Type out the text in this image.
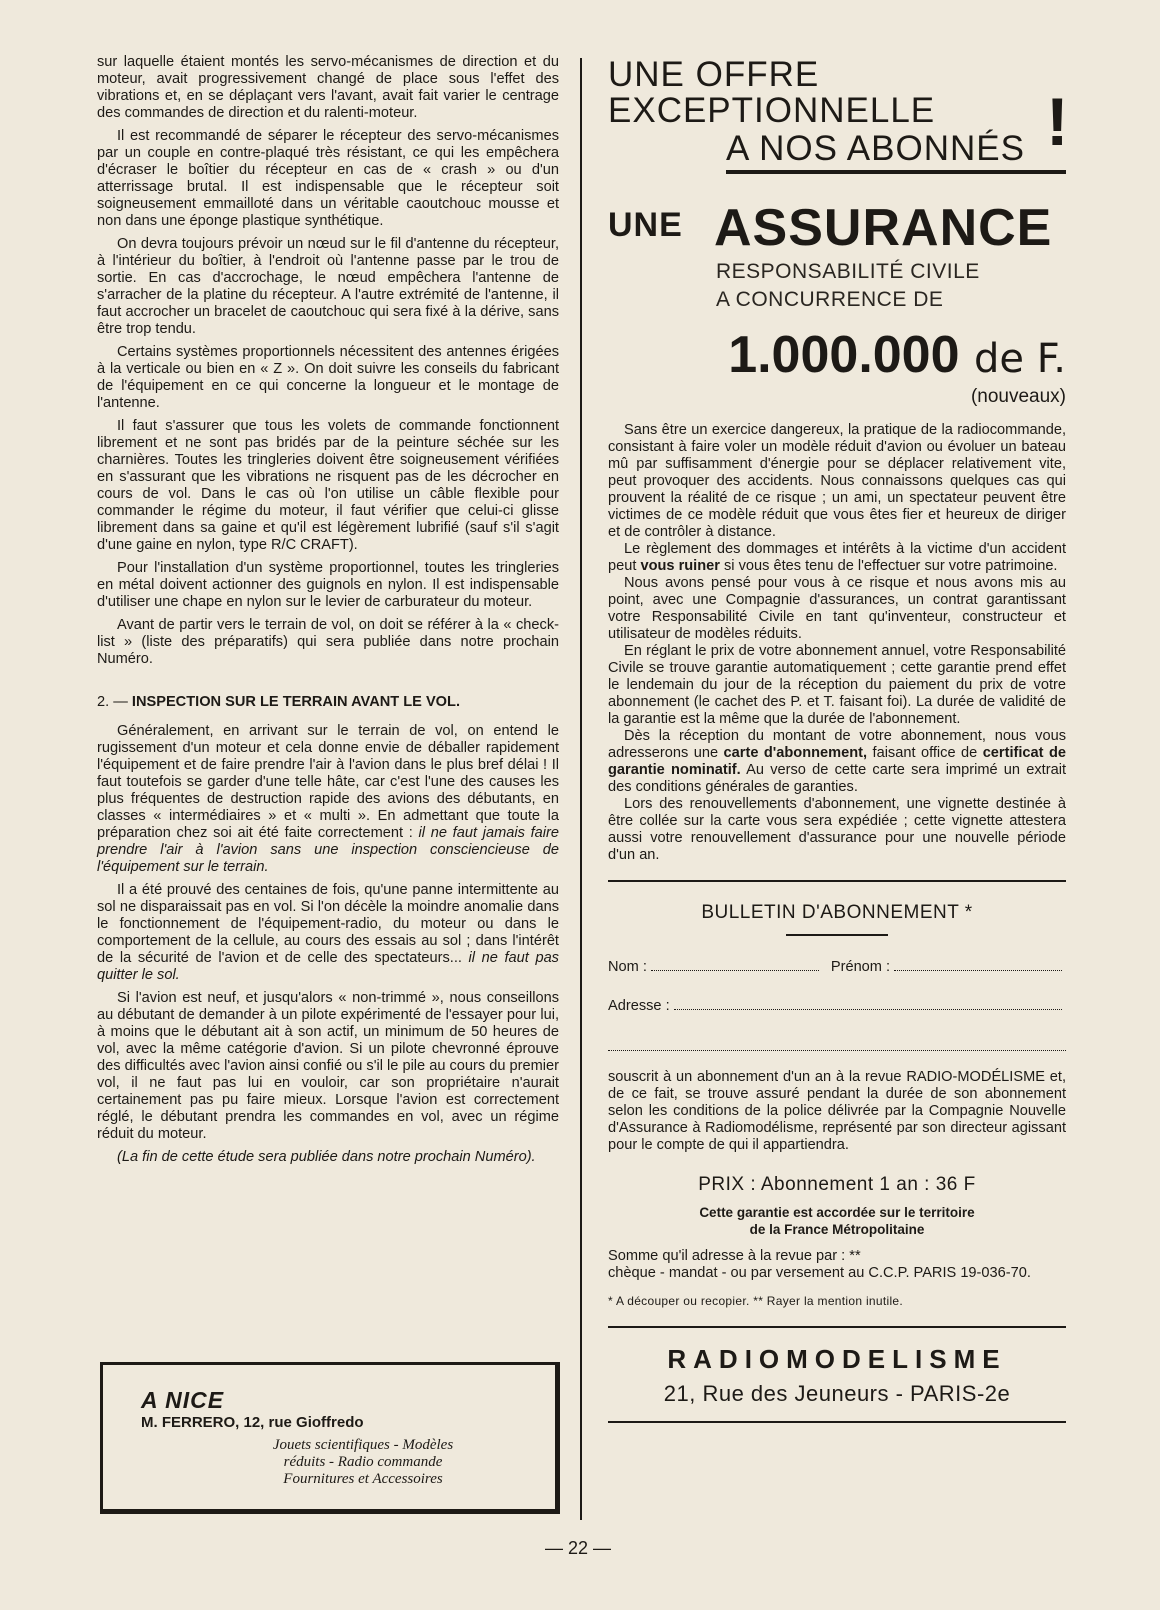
sur laquelle étaient montés les servo-mécanismes de direction et du moteur, avait progressivement changé de place sous l'effet des vibrations et, en se déplaçant vers l'avant, avait fait varier le centrage des commandes de direction et du ralenti-moteur.

Il est recommandé de séparer le récepteur des servo-mécanismes par un couple en contre-plaqué très résistant, ce qui les empêchera d'écraser le boîtier du récepteur en cas de « crash » ou d'un atterrissage brutal. Il est indispensable que le récepteur soit soigneusement emmailloté dans un véritable caoutchouc mousse et non dans une éponge plastique synthétique.

On devra toujours prévoir un nœud sur le fil d'antenne du récepteur, à l'intérieur du boîtier, à l'endroit où l'antenne passe par le trou de sortie. En cas d'accrochage, le nœud empêchera l'antenne de s'arracher de la platine du récepteur. A l'autre extrémité de l'antenne, il faut accrocher un bracelet de caoutchouc qui sera fixé à la dérive, sans être trop tendu.

Certains systèmes proportionnels nécessitent des antennes érigées à la verticale ou bien en « Z ». On doit suivre les conseils du fabricant de l'équipement en ce qui concerne la longueur et le montage de l'antenne.

Il faut s'assurer que tous les volets de commande fonctionnent librement et ne sont pas bridés par de la peinture séchée sur les charnières. Toutes les tringleries doivent être soigneusement vérifiées en s'assurant que les vibrations ne risquent pas de les décrocher en cours de vol. Dans le cas où l'on utilise un câble flexible pour commander le régime du moteur, il faut vérifier que celui-ci glisse librement dans sa gaine et qu'il est légèrement lubrifié (sauf s'il s'agit d'une gaine en nylon, type R/C CRAFT).

Pour l'installation d'un système proportionnel, toutes les tringleries en métal doivent actionner des guignols en nylon. Il est indispensable d'utiliser une chape en nylon sur le levier de carburateur du moteur.

Avant de partir vers le terrain de vol, on doit se référer à la « check-list » (liste des préparatifs) qui sera publiée dans notre prochain Numéro.

2. — INSPECTION SUR LE TERRAIN AVANT LE VOL.

Généralement, en arrivant sur le terrain de vol, on entend le rugissement d'un moteur et cela donne envie de déballer rapidement l'équipement et de faire prendre l'air à l'avion dans le plus bref délai ! Il faut toutefois se garder d'une telle hâte, car c'est l'une des causes les plus fréquentes de destruction rapide des avions des débutants, en classes « intermédiaires » et « multi ». En admettant que toute la préparation chez soi ait été faite correctement : il ne faut jamais faire prendre l'air à l'avion sans une inspection consciencieuse de l'équipement sur le terrain.

Il a été prouvé des centaines de fois, qu'une panne intermittente au sol ne disparaissait pas en vol. Si l'on décèle la moindre anomalie dans le fonctionnement de l'équipement-radio, du moteur ou dans le comportement de la cellule, au cours des essais au sol ; dans l'intérêt de la sécurité de l'avion et de celle des spectateurs... il ne faut pas quitter le sol.

Si l'avion est neuf, et jusqu'alors « non-trimmé », nous conseillons au débutant de demander à un pilote expérimenté de l'essayer pour lui, à moins que le débutant ait à son actif, un minimum de 50 heures de vol, avec la même catégorie d'avion. Si un pilote chevronné éprouve des difficultés avec l'avion ainsi confié ou s'il le pile au cours du premier vol, il ne faut pas lui en vouloir, car son propriétaire n'aurait certainement pas pu faire mieux. Lorsque l'avion est correctement réglé, le débutant prendra les commandes en vol, avec un régime réduit du moteur.

(La fin de cette étude sera publiée dans notre prochain Numéro).

A NICE
M. FERRERO, 12, rue Gioffredo
Jouets scientifiques - Modèles
réduits - Radio commande
Fournitures et Accessoires
UNE OFFRE
EXCEPTIONNELLE
A NOS ABONNÉS !
UNE ASSURANCE
RESPONSABILITÉ CIVILE
A CONCURRENCE DE
1.000.000 de F.
(nouveaux)

Sans être un exercice dangereux, la pratique de la radiocommande, consistant à faire voler un modèle réduit d'avion ou évoluer un bateau mû par suffisamment d'énergie pour se déplacer relativement vite, peut provoquer des accidents. Nous connaissons quelques cas qui prouvent la réalité de ce risque ; un ami, un spectateur peuvent être victimes de ce modèle réduit que vous êtes fier et heureux de diriger et de contrôler à distance.

Le règlement des dommages et intérêts à la victime d'un accident peut vous ruiner si vous êtes tenu de l'effectuer sur votre patrimoine.

Nous avons pensé pour vous à ce risque et nous avons mis au point, avec une Compagnie d'assurances, un contrat garantissant votre Responsabilité Civile en tant qu'inventeur, constructeur et utilisateur de modèles réduits.

En réglant le prix de votre abonnement annuel, votre Responsabilité Civile se trouve garantie automatiquement ; cette garantie prend effet le lendemain du jour de la réception du paiement du prix de votre abonnement (le cachet des P. et T. faisant foi). La durée de validité de la garantie est la même que la durée de l'abonnement.

Dès la réception du montant de votre abonnement, nous vous adresserons une carte d'abonnement, faisant office de certificat de garantie nominatif. Au verso de cette carte sera imprimé un extrait des conditions générales de garanties.

Lors des renouvellements d'abonnement, une vignette destinée à être collée sur la carte vous sera expédiée ; cette vignette attestera aussi votre renouvellement d'assurance pour une nouvelle période d'un an.

BULLETIN D'ABONNEMENT *
Nom :	Prénom :
Adresse :
souscrit à un abonnement d'un an à la revue RADIO-MODÉLISME et, de ce fait, se trouve assuré pendant la durée de son abonnement selon les conditions de la police délivrée par la Compagnie Nouvelle d'Assurance à Radiomodélisme, représenté par son directeur agissant pour le compte de qui il appartiendra.
PRIX : Abonnement 1 an : 36 F
Cette garantie est accordée sur le territoire
de la France Métropolitaine
Somme qu'il adresse à la revue par : **
chèque - mandat - ou par versement au C.C.P. PARIS 19-036-70.
* A découper ou recopier. ** Rayer la mention inutile.
RADIOMODELISME
21, Rue des Jeuneurs - PARIS-2e
— 22 —
